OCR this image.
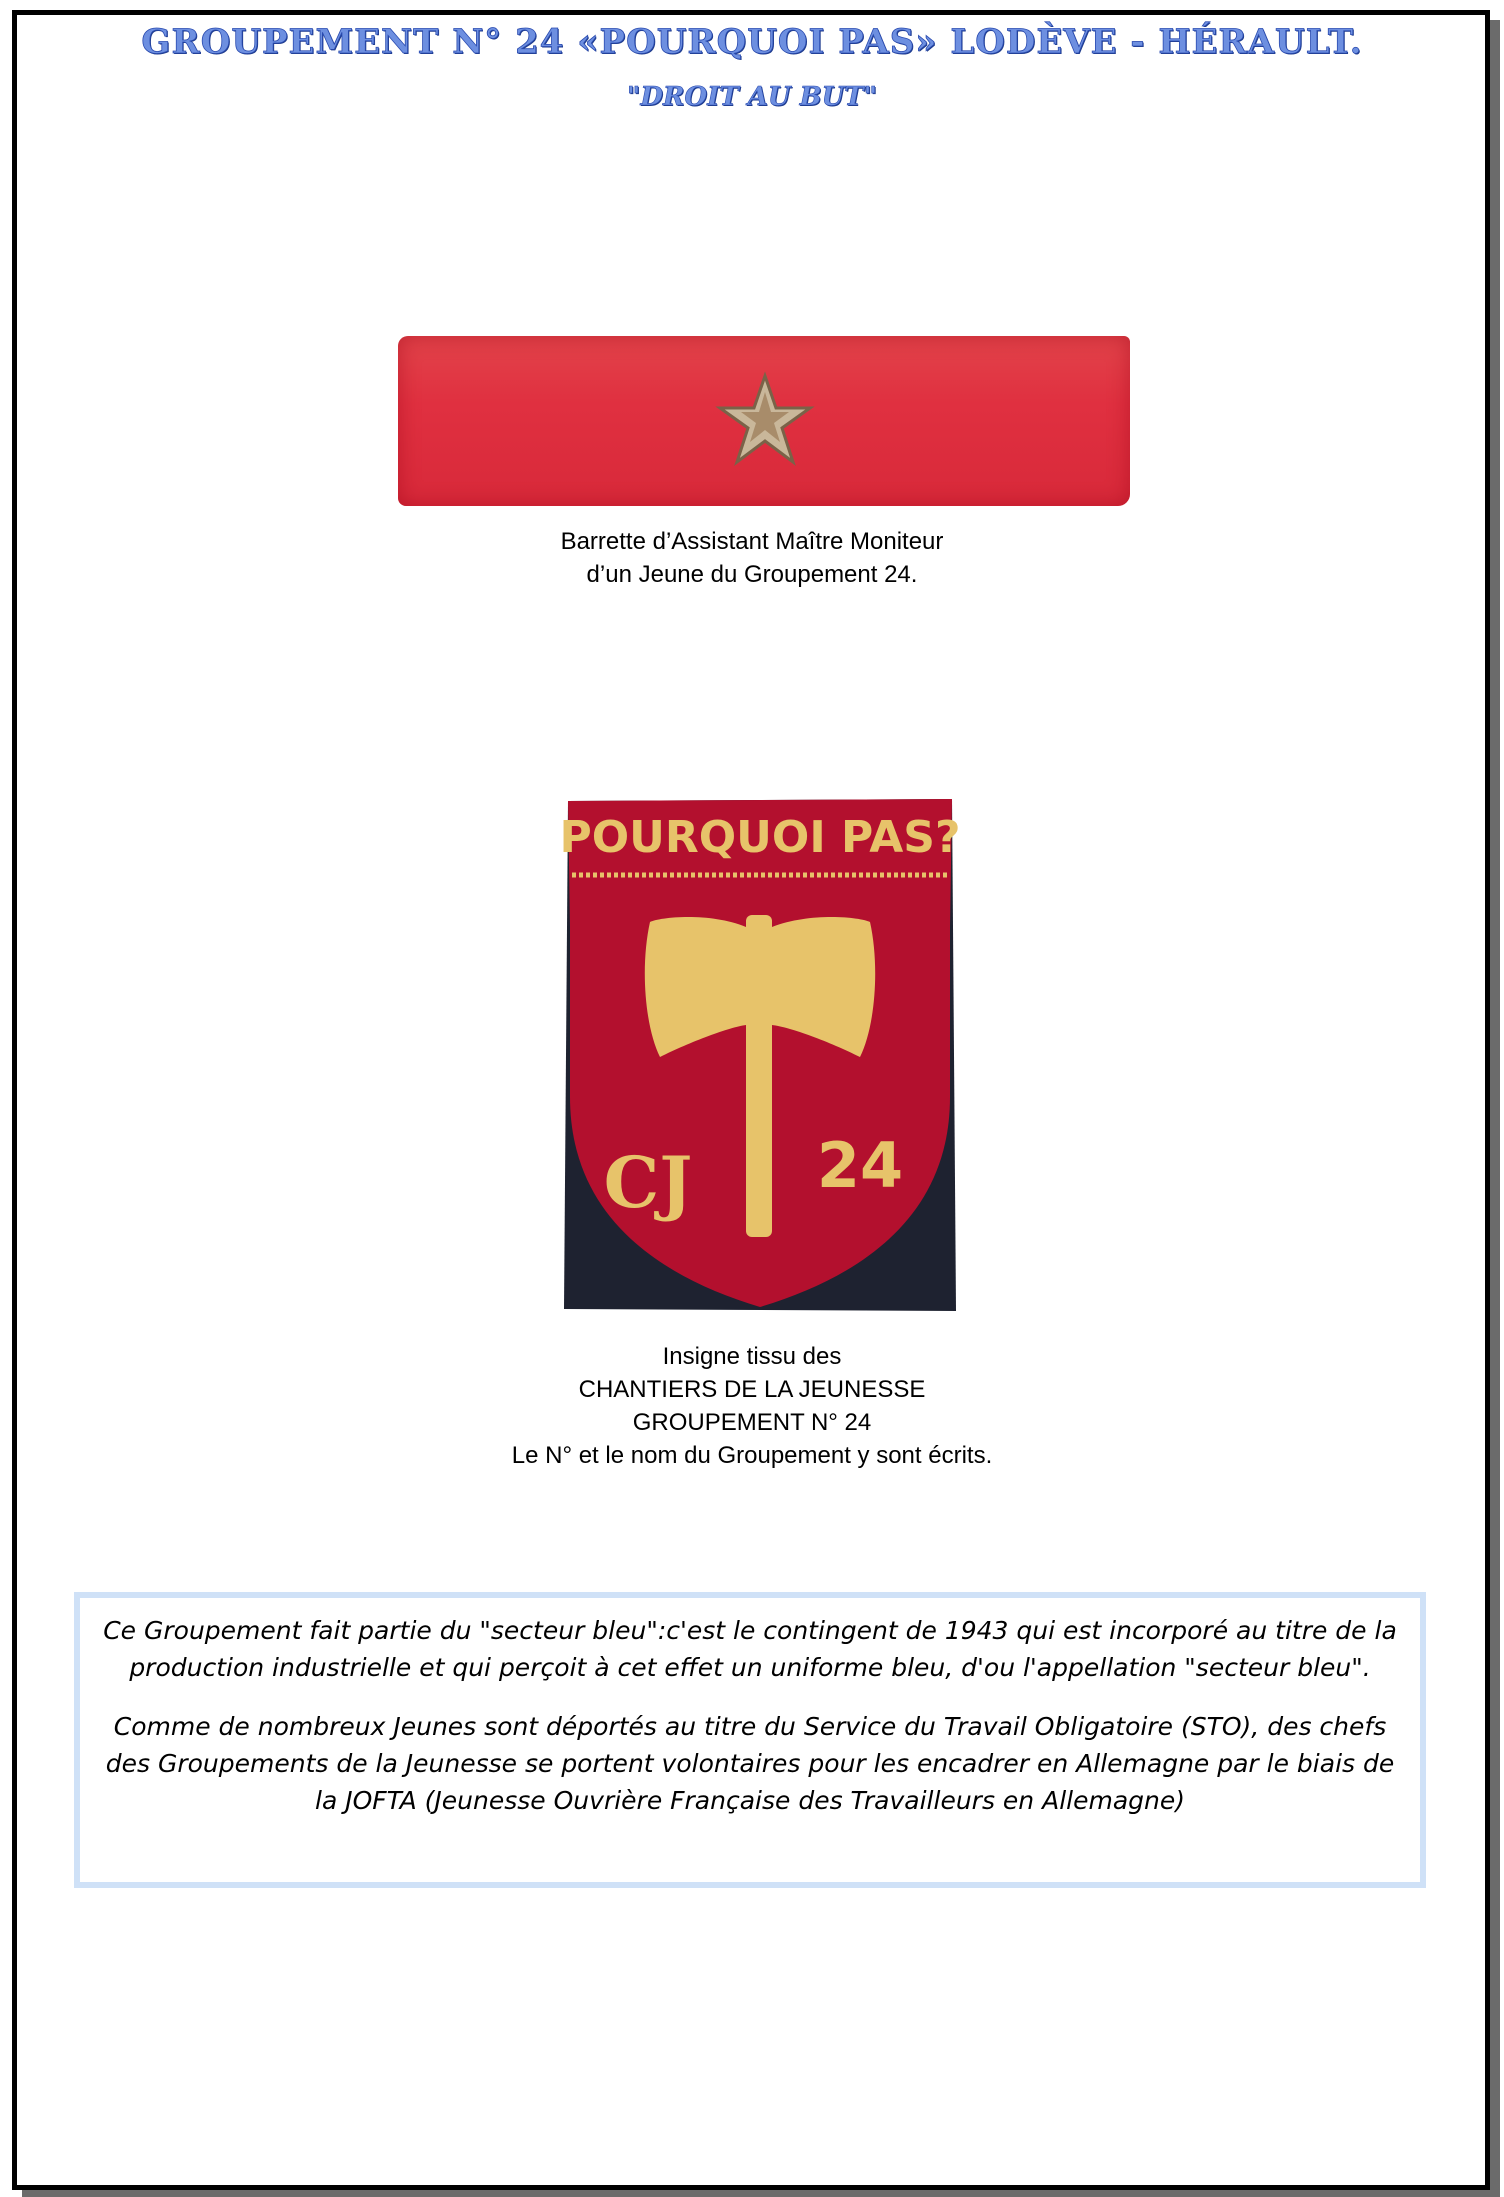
GROUPEMENT N° 24 «POURQUOI PAS» LODÈVE - HÉRAULT.
"DROIT AU BUT"
Barrette d’Assistant Maître Moniteur
d’un Jeune du Groupement 24.
POURQUOI PAS?
CJ 24
Insigne tissu des
CHANTIERS DE LA JEUNESSE
GROUPEMENT N° 24
Le N° et le nom du Groupement y sont écrits.

Ce Groupement fait partie du "secteur bleu":c'est le contingent de 1943 qui est incorporé au titre de la production industrielle et qui perçoit à cet effet un uniforme bleu, d'ou l'appellation "secteur bleu".

Comme de nombreux Jeunes sont déportés au titre du Service du Travail Obligatoire (STO), des chefs des Groupements de la Jeunesse se portent volontaires pour les encadrer en Allemagne par le biais de la JOFTA (Jeunesse Ouvrière Française des Travailleurs en Allemagne)
